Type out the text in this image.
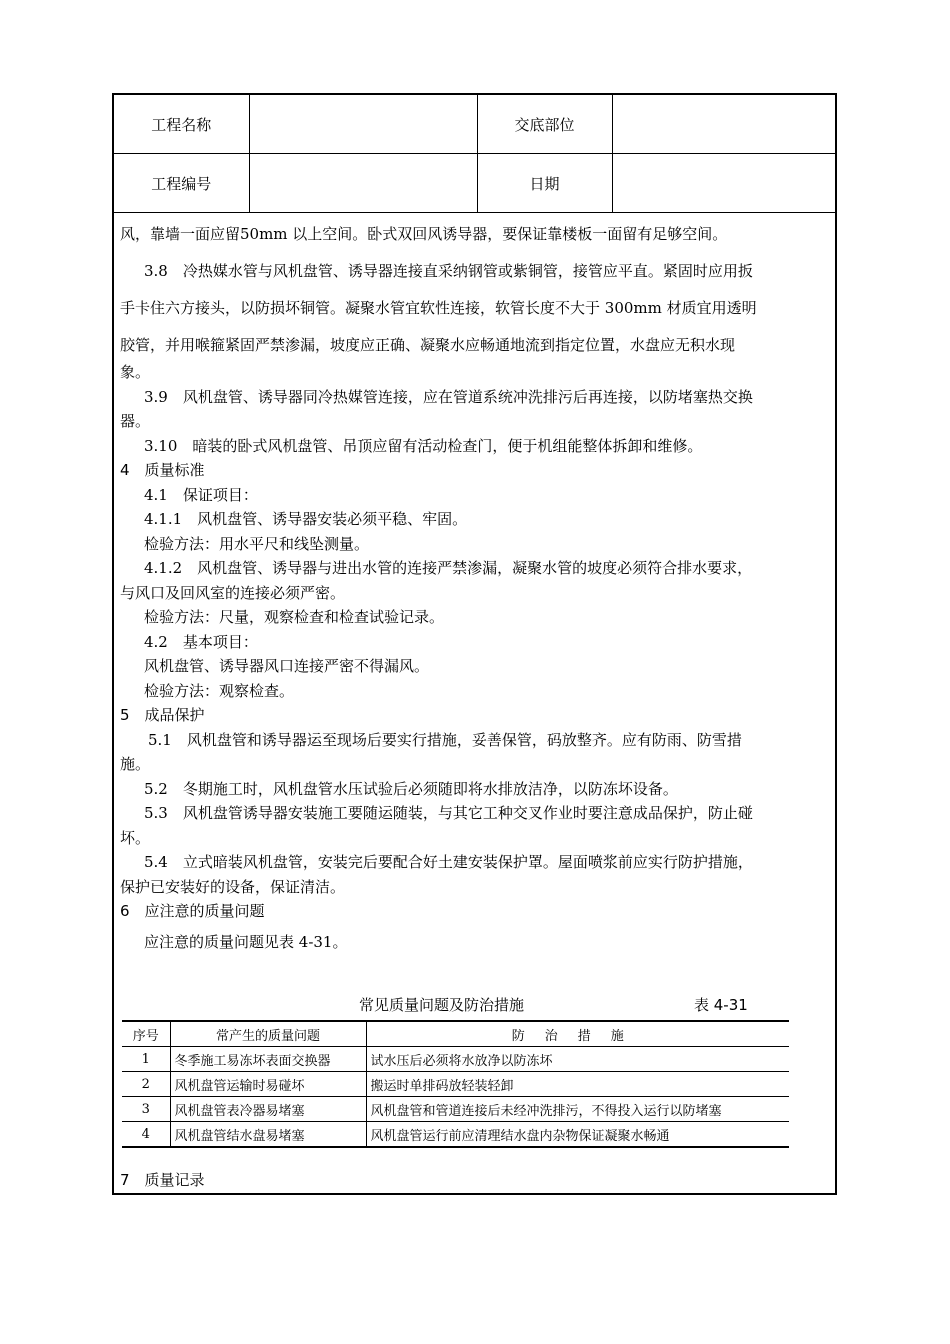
工程名称		交底部位	
工程编号		日期	

风，靠墙一面应留50mm 以上空间。卧式双回风诱导器，要保证靠楼板一面留有足够空间。

3.8　冷热媒水管与风机盘管、诱导器连接直采纳钢管或紫铜管，接管应平直。紧固时应用扳

手卡住六方接头，以防损坏铜管。凝聚水管宜软性连接，软管长度不大于 300mm 材质宜用透明

胶管，并用喉箍紧固严禁渗漏，坡度应正确、凝聚水应畅通地流到指定位置，水盘应无积水现

象。

3.9　风机盘管、诱导器同冷热媒管连接，应在管道系统冲洗排污后再连接，以防堵塞热交换

器。

3.10　暗装的卧式风机盘管、吊顶应留有活动检查门，便于机组能整体拆卸和维修。

4　质量标准

4.1　保证项目：

4.1.1　风机盘管、诱导器安装必须平稳、牢固。

检验方法：用水平尺和线坠测量。

4.1.2　风机盘管、诱导器与进出水管的连接严禁渗漏，凝聚水管的坡度必须符合排水要求，

与风口及回风室的连接必须严密。

检验方法：尺量，观察检查和检查试验记录。

4.2　基本项目：

风机盘管、诱导器风口连接严密不得漏风。

检验方法：观察检查。

5　成品保护

5.1　风机盘管和诱导器运至现场后要实行措施，妥善保管，码放整齐。应有防雨、防雪措

施。

5.2　冬期施工时，风机盘管水压试验后必须随即将水排放洁净，以防冻坏设备。

5.3　风机盘管诱导器安装施工要随运随装，与其它工种交叉作业时要注意成品保护，防止碰

坏。

5.4　立式暗装风机盘管，安装完后要配合好土建安装保护罩。屋面喷浆前应实行防护措施，

保护已安装好的设备，保证清洁。

6　应注意的质量问题

应注意的质量问题见表 4-31。

常见质量问题及防治措施	表 4-31
序号	常产生的质量问题	防治措施
1	冬季施工易冻坏表面交换器	试水压后必须将水放净以防冻坏
2	风机盘管运输时易碰坏	搬运时单排码放轻装轻卸
3	风机盘管表冷器易堵塞	风机盘管和管道连接后未经冲洗排污，不得投入运行以防堵塞
4	风机盘管结水盘易堵塞	风机盘管运行前应清理结水盘内杂物保证凝聚水畅通
7　质量记录
